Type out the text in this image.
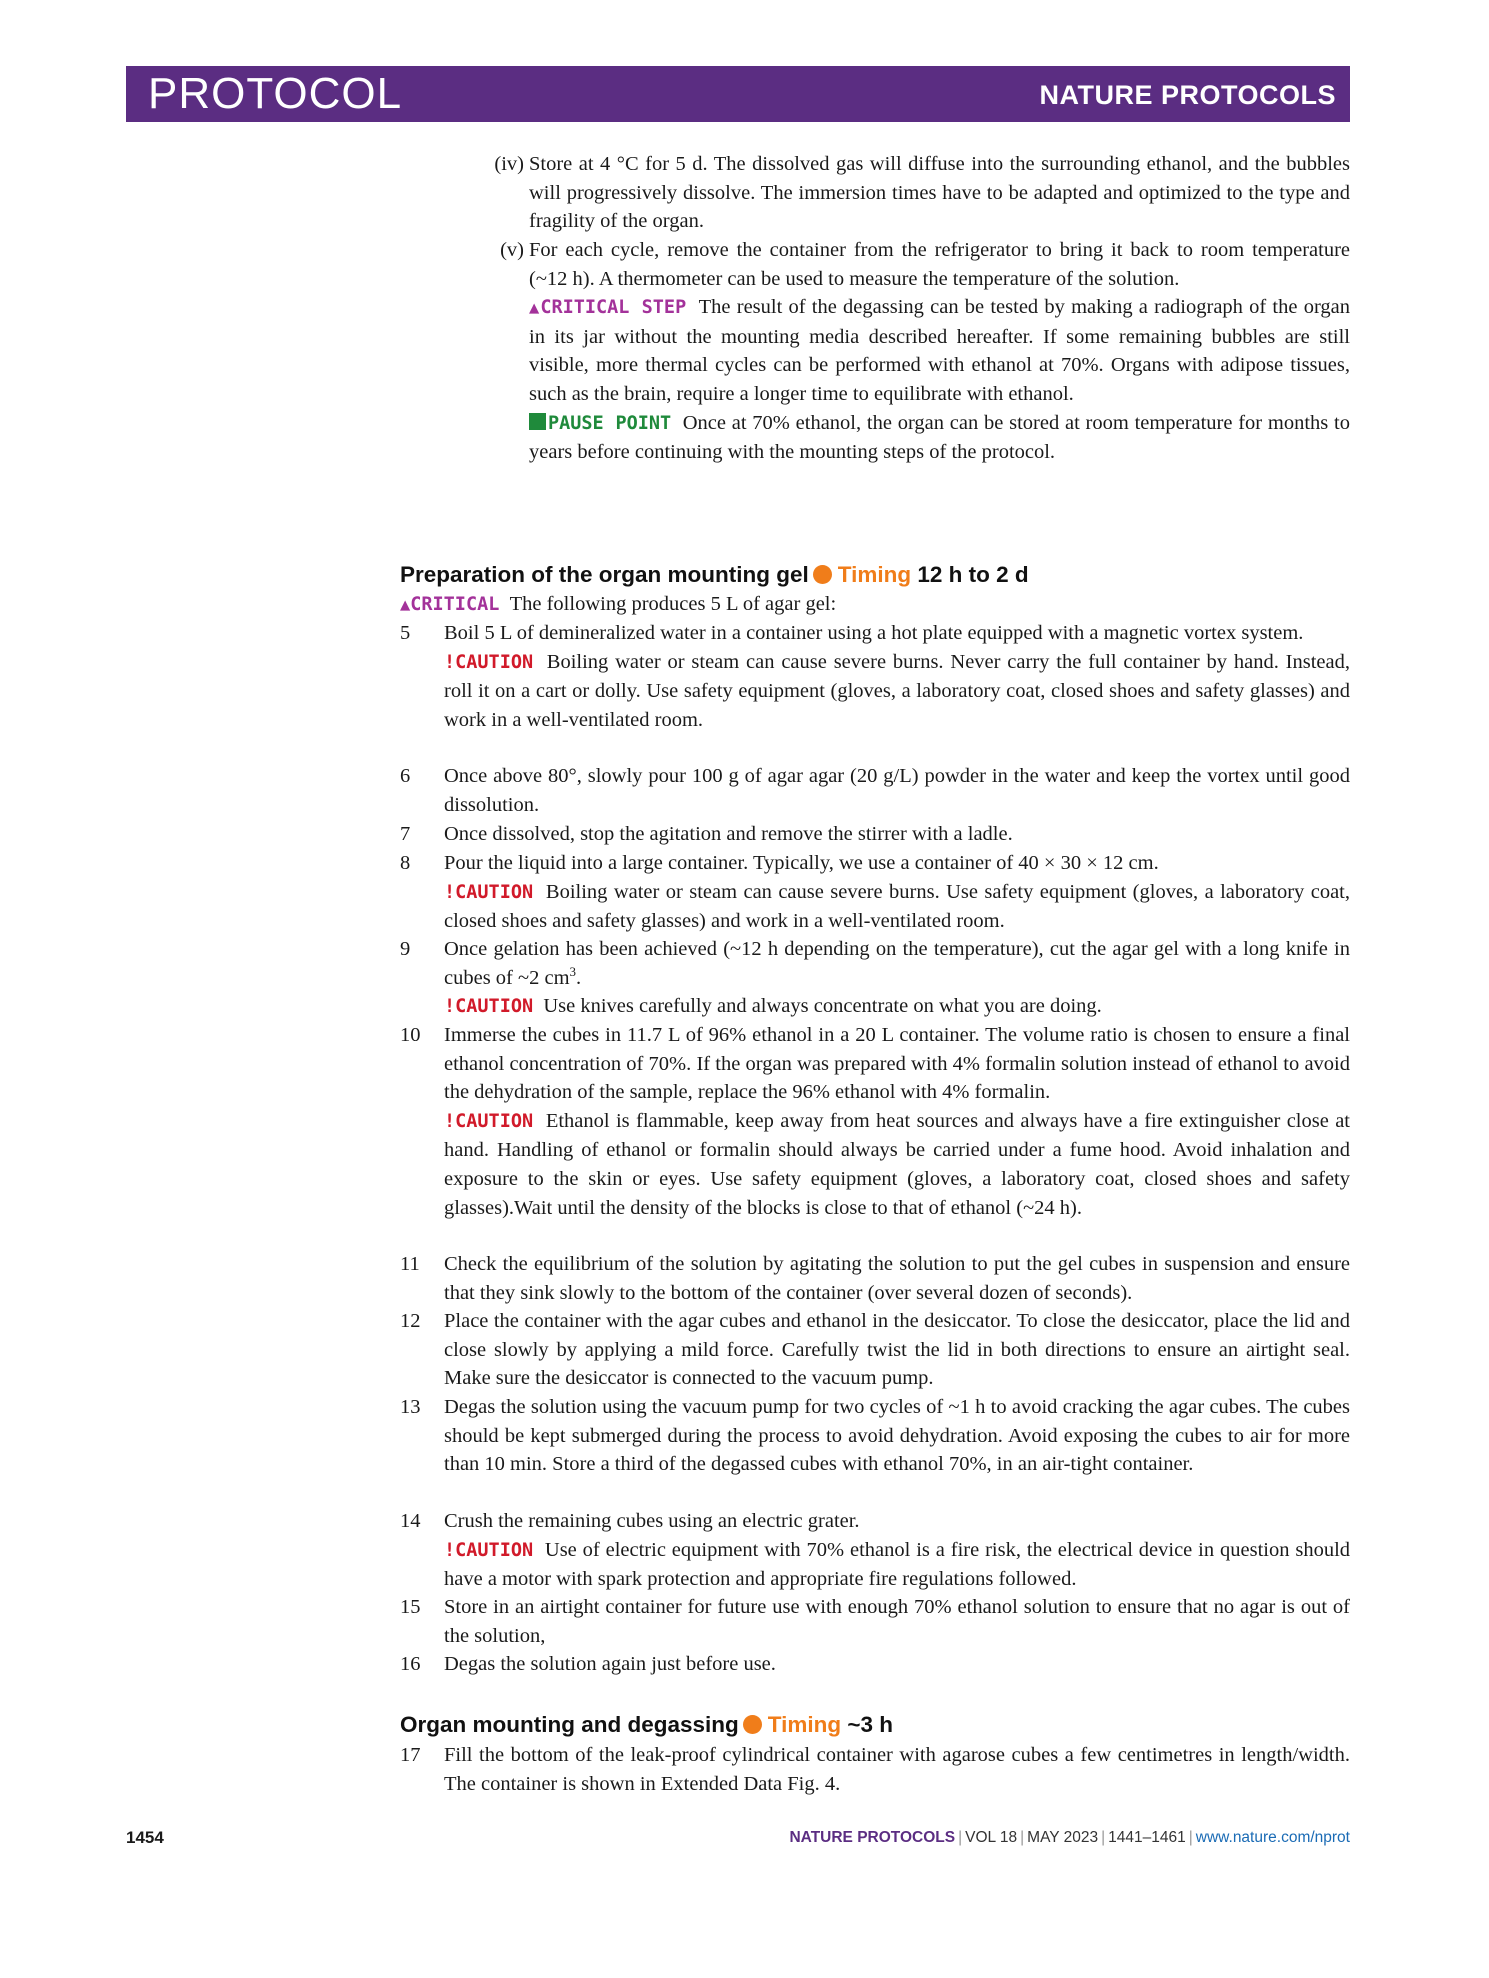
PROTOCOL	NATURE PROTOCOLS
(iv) Store at 4 °C for 5 d. The dissolved gas will diffuse into the surrounding ethanol, and the bubbles will progressively dissolve. The immersion times have to be adapted and optimized to the type and fragility of the organ.

(v) For each cycle, remove the container from the refrigerator to bring it back to room temperature (~12 h). A thermometer can be used to measure the temperature of the solution.

▲CRITICAL STEP The result of the degassing can be tested by making a radiograph of the organ in its jar without the mounting media described hereafter. If some remaining bubbles are still visible, more thermal cycles can be performed with ethanol at 70%. Organs with adipose tissues, such as the brain, require a longer time to equilibrate with ethanol.

PAUSE POINT Once at 70% ethanol, the organ can be stored at room temperature for months to years before continuing with the mounting steps of the protocol.

Preparation of the organ mounting gel Timing 12 h to 2 d

▲CRITICAL The following produces 5 L of agar gel:

5	Boil 5 L of demineralized water in a container using a hot plate equipped with a magnetic vortex system.

!CAUTION Boiling water or steam can cause severe burns. Never carry the full container by hand. Instead, roll it on a cart or dolly. Use safety equipment (gloves, a laboratory coat, closed shoes and safety glasses) and work in a well-ventilated room.

6	Once above 80°, slowly pour 100 g of agar agar (20 g/L) powder in the water and keep the vortex until good dissolution.

7	Once dissolved, stop the agitation and remove the stirrer with a ladle.

8	Pour the liquid into a large container. Typically, we use a container of 40 × 30 × 12 cm.

!CAUTION Boiling water or steam can cause severe burns. Use safety equipment (gloves, a laboratory coat, closed shoes and safety glasses) and work in a well-ventilated room.

9	Once gelation has been achieved (~12 h depending on the temperature), cut the agar gel with a long knife in cubes of ~2 $cm^3$.

!CAUTION Use knives carefully and always concentrate on what you are doing.

10	Immerse the cubes in 11.7 L of 96% ethanol in a 20 L container. The volume ratio is chosen to ensure a final ethanol concentration of 70%. If the organ was prepared with 4% formalin solution instead of ethanol to avoid the dehydration of the sample, replace the 96% ethanol with 4% formalin.

!CAUTION Ethanol is flammable, keep away from heat sources and always have a fire extinguisher close at hand. Handling of ethanol or formalin should always be carried under a fume hood. Avoid inhalation and exposure to the skin or eyes. Use safety equipment (gloves, a laboratory coat, closed shoes and safety glasses).Wait until the density of the blocks is close to that of ethanol (~24 h).

11	Check the equilibrium of the solution by agitating the solution to put the gel cubes in suspension and ensure that they sink slowly to the bottom of the container (over several dozen of seconds).

12	Place the container with the agar cubes and ethanol in the desiccator. To close the desiccator, place the lid and close slowly by applying a mild force. Carefully twist the lid in both directions to ensure an airtight seal. Make sure the desiccator is connected to the vacuum pump.

13	Degas the solution using the vacuum pump for two cycles of ~1 h to avoid cracking the agar cubes. The cubes should be kept submerged during the process to avoid dehydration. Avoid exposing the cubes to air for more than 10 min. Store a third of the degassed cubes with ethanol 70%, in an air-tight container.

14	Crush the remaining cubes using an electric grater.

!CAUTION Use of electric equipment with 70% ethanol is a fire risk, the electrical device in question should have a motor with spark protection and appropriate fire regulations followed.

15	Store in an airtight container for future use with enough 70% ethanol solution to ensure that no agar is out of the solution,

16	Degas the solution again just before use.

Organ mounting and degassing Timing ~3 h
17	Fill the bottom of the leak-proof cylindrical container with agarose cubes a few centimetres in length/width. The container is shown in Extended Data Fig. 4.

1454	NATURE PROTOCOLS | VOL 18 | MAY 2023 | 1441–1461 | www.nature.com/nprot
